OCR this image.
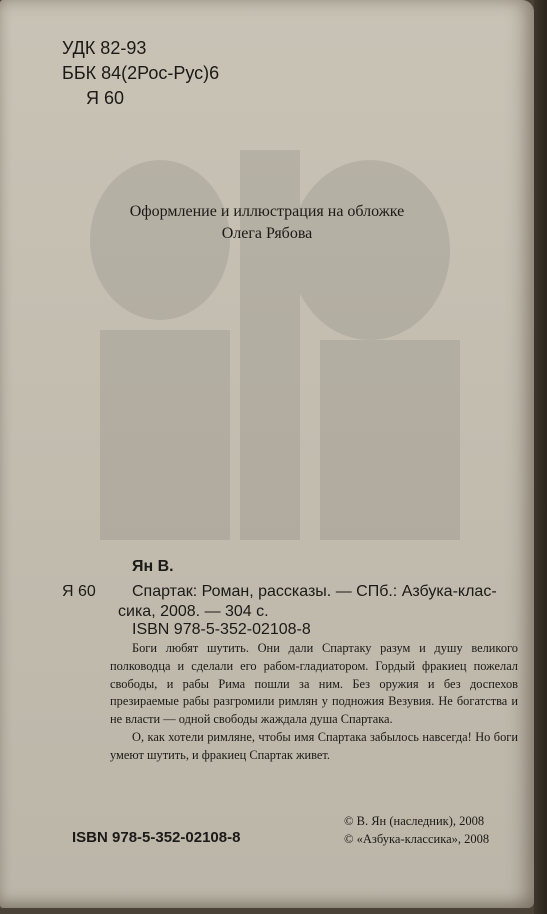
УДК 82-93
ББК 84(2Рос-Рус)6
Я 60
Оформление и иллюстрация на обложке
Олега Рябова
Ян В.
Я 60	Спартак: Роман, рассказы. — СПб.: Азбука-клас-
сика, 2008. — 304 с.
ISBN 978-5-352-02108-8

Боги любят шутить. Они дали Спартаку разум и душу великого полководца и сделали его рабом-гладиатором. Гордый фракиец пожелал свободы, и рабы Рима пошли за ним. Без оружия и без доспехов презираемые рабы разгромили римлян у подножия Везувия. Не богатства и не власти — одной свободы жаждала душа Спартака.

О, как хотели римляне, чтобы имя Спартака забылось навсегда! Но боги умеют шутить, и фракиец Спартак живет.

© В. Ян (наследник), 2008
© «Азбука-классика», 2008
ISBN 978-5-352-02108-8
